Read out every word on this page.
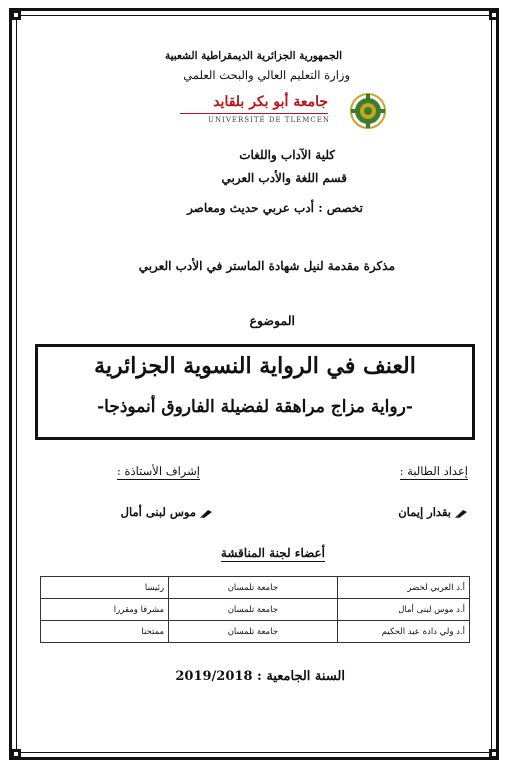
الجمهورية الجزائرية الديمقراطية الشعبية
وزارة التعليم العالي والبحث العلمي
جامعة أبو بكر بلقايد
UNIVERSITÉ DE TLEMCEN
كلية الآداب واللغات
قسم اللغة والأدب العربي
تخصص : أدب عربي حديث ومعاصر
مذكرة مقدمة لنيل شهادة الماستر في الأدب العربي
الموضوع
العنف في الرواية النسوية الجزائرية
-رواية مزاج مراهقة لفضيلة الفاروق أنموذجا-
إعداد الطالبة :
إشراف الأستاذة :
بقدار إيمان
موس لبنى أمال
أعضاء لجنة المناقشة
أ.د العربي لخضر	جامعة تلمسان	رئيسا
أ.د موس لبنى أمال	جامعة تلمسان	مشرفا ومقررا
أ.د ولي دادة عبد الحكيم	جامعة تلمسان	ممتحنا
السنة الجامعية : 2019/2018
